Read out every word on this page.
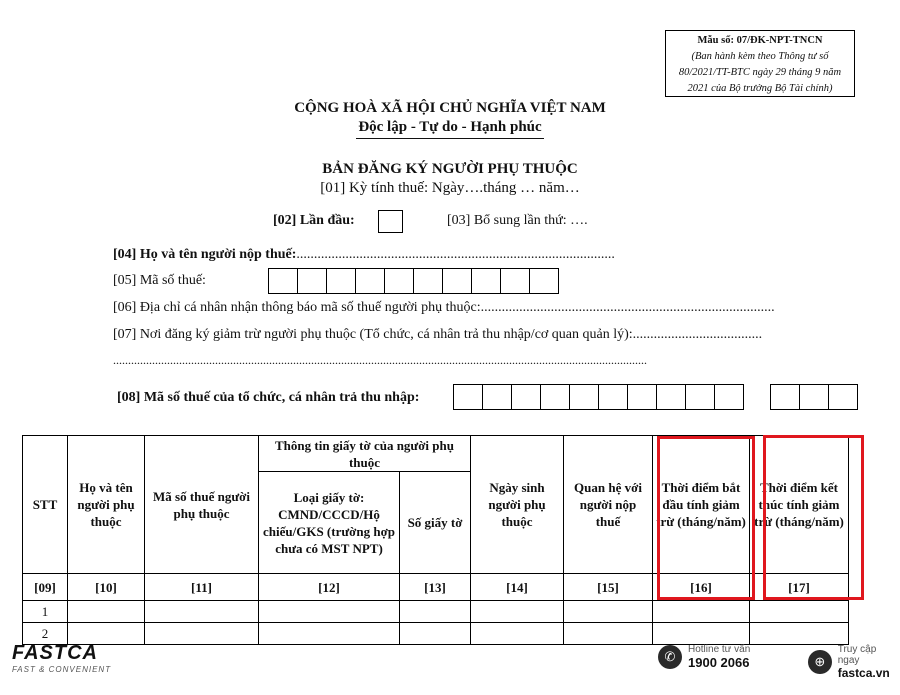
Mẫu số: 07/ĐK-NPT-TNCN
(Ban hành kèm theo Thông tư số
80/2021/TT-BTC ngày 29 tháng 9 năm
2021 của Bộ trưởng Bộ Tài chính)
CỘNG HOÀ XÃ HỘI CHỦ NGHĨA VIỆT NAM
Độc lập - Tự do - Hạnh phúc
BẢN ĐĂNG KÝ NGƯỜI PHỤ THUỘC
[01] Kỳ tính thuế: Ngày….tháng … năm…
[02] Lần đầu:	[03] Bổ sung lần thứ: ….
[04] Họ và tên người nộp thuế:...........................................................................................
[05] Mã số thuế:
[06] Địa chỉ cá nhân nhận thông báo mã số thuế người phụ thuộc:....................................................................................
[07] Nơi đăng ký giảm trừ người phụ thuộc (Tổ chức, cá nhân trả thu nhập/cơ quan quản lý):.....................................
..................................................................................................................................................................................
[08] Mã số thuế của tổ chức, cá nhân trả thu nhập:
STT	Họ và tên người phụ thuộc	Mã số thuế người phụ thuộc	Thông tin giấy tờ của người phụ thuộc		Ngày sinh người phụ thuộc	Quan hệ với người nộp thuế	Thời điểm bắt đầu tính giảm trừ (tháng/năm)	Thời điểm kết thúc tính giảm trừ (tháng/năm)
			Loại giấy tờ: CMND/CCCD/Hộ chiếu/GKS (trường hợp chưa có MST NPT)	Số giấy tờ				
[09]	[10]	[11]	[12]	[13]	[14]	[15]	[16]	[17]
1								
2								
FASTCA
FAST & CONVENIENT
✆	Hotline tư vấn
1900 2066	⊕
Truy cập ngay
fastca.vn
